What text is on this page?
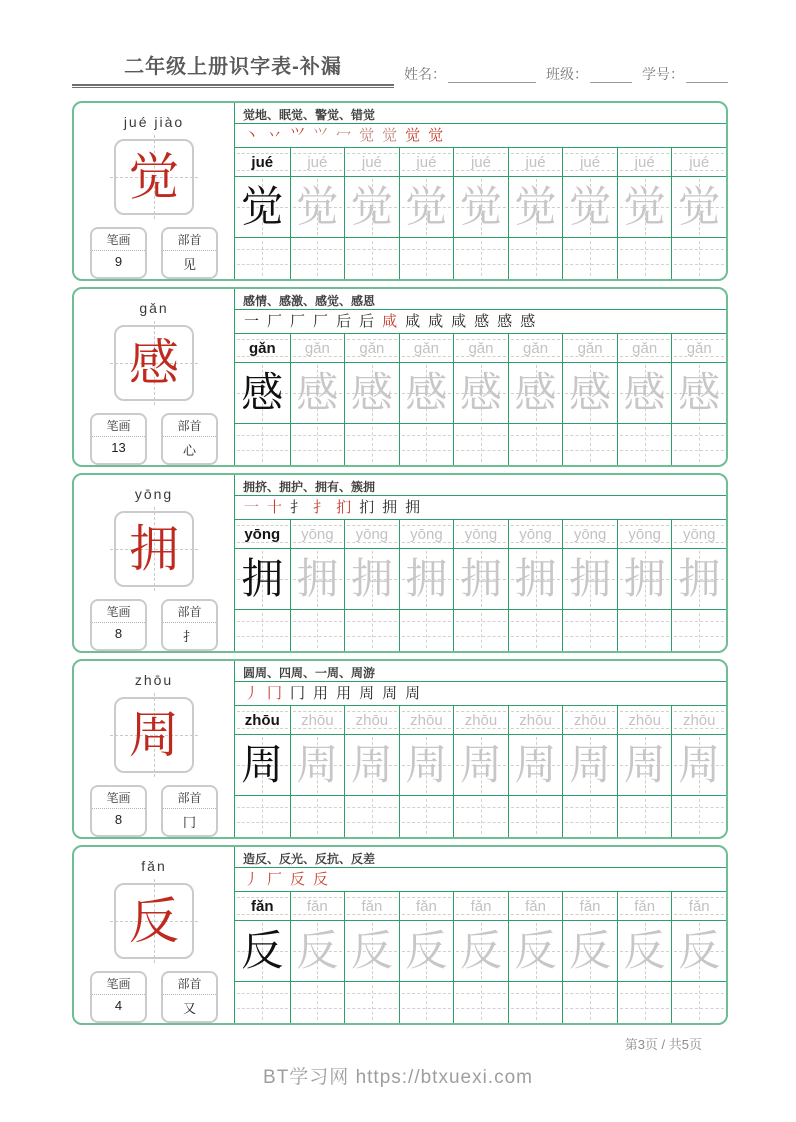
二年级上册识字表-补漏	姓名：	班级：	学号：
jué jiào
觉
笔画
9
部首
见
觉地、眠觉、警觉、错觉
丶 丷 ⺍ ⺍ 冖 觉 觉 觉 觉
jué	jué	jué	jué	jué	jué	jué	jué	jué
觉 觉 觉 觉 觉 觉 觉 觉 觉
gǎn
感
笔画
13
部首
心
感情、感激、感觉、感恩
一 厂 厂 厂 后 后 咸 咸 咸 咸 感 感 感
gǎn	gǎn	gǎn	gǎn	gǎn	gǎn	gǎn	gǎn	gǎn
感 感 感 感 感 感 感 感 感
yōng
拥
笔画
8
部首
扌
拥挤、拥护、拥有、簇拥
一 十 扌 扌 扪 扪 拥 拥
yōng	yōng	yōng	yōng	yōng	yōng	yōng	yōng	yōng
拥 拥 拥 拥 拥 拥 拥 拥 拥
zhōu
周
笔画
8
部首
冂
圆周、四周、一周、周游
丿 冂 冂 用 用 周 周 周
zhōu	zhōu	zhōu	zhōu	zhōu	zhōu	zhōu	zhōu	zhōu
周 周 周 周 周 周 周 周 周
fǎn
反
笔画
4
部首
又
造反、反光、反抗、反差
丿 厂 反 反
fǎn	fǎn	fǎn	fǎn	fǎn	fǎn	fǎn	fǎn	fǎn
反 反 反 反 反 反 反 反 反
第3页 / 共5页
BT学习网 https://btxuexi.com
